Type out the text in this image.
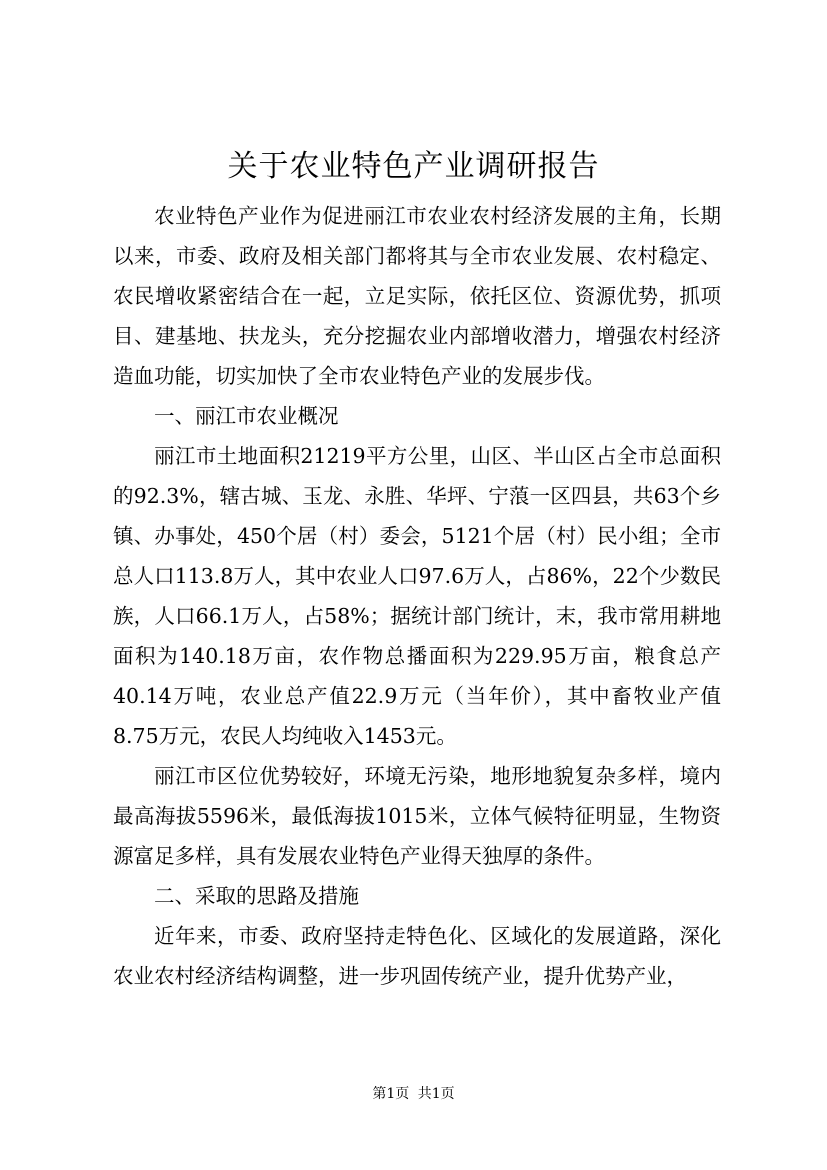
关于农业特色产业调研报告

农业特色产业作为促进丽江市农业农村经济发展的主角，长期以来，市委、政府及相关部门都将其与全市农业发展、农村稳定、农民增收紧密结合在一起，立足实际，依托区位、资源优势，抓项目、建基地、扶龙头，充分挖掘农业内部增收潜力，增强农村经济造血功能，切实加快了全市农业特色产业的发展步伐。

一、丽江市农业概况

丽江市土地面积21219平方公里，山区、半山区占全市总面积的92.3%，辖古城、玉龙、永胜、华坪、宁蒗一区四县，共63个乡镇、办事处，450个居（村）委会，5121个居（村）民小组；全市总人口113.8万人，其中农业人口97.6万人，占86%，22个少数民族，人口66.1万人，占58%；据统计部门统计，末，我市常用耕地面积为140.18万亩，农作物总播面积为229.95万亩，粮食总产40.14万吨，农业总产值22.9万元（当年价），其中畜牧业产值8.75万元，农民人均纯收入1453元。

丽江市区位优势较好，环境无污染，地形地貌复杂多样，境内最高海拔5596米，最低海拔1015米，立体气候特征明显，生物资源富足多样，具有发展农业特色产业得天独厚的条件。

二、采取的思路及措施

近年来，市委、政府坚持走特色化、区域化的发展道路，深化农业农村经济结构调整，进一步巩固传统产业，提升优势产业，

第1页 共1页
